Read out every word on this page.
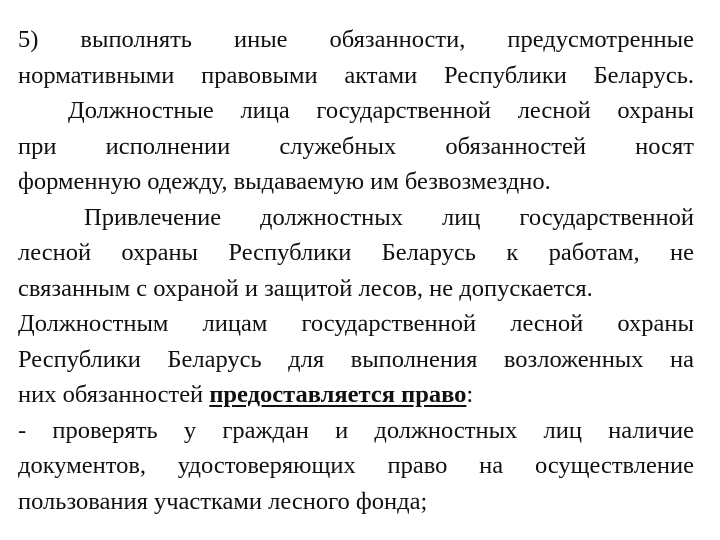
5) выполнять иные обязанности, предусмотренные
нормативными правовыми актами Республики Беларусь.
Должностные лица государственной лесной охраны
при исполнении служебных обязанностей носят
форменную одежду, выдаваемую им безвозмездно.
Привлечение должностных лиц государственной
лесной охраны Республики Беларусь к работам, не
связанным с охраной и защитой лесов, не допускается.
Должностным лицам государственной лесной охраны
Республики Беларусь для выполнения возложенных на
них обязанностей предоставляется право:
- проверять у граждан и должностных лиц наличие
документов, удостоверяющих право на осуществление
пользования участками лесного фонда;
